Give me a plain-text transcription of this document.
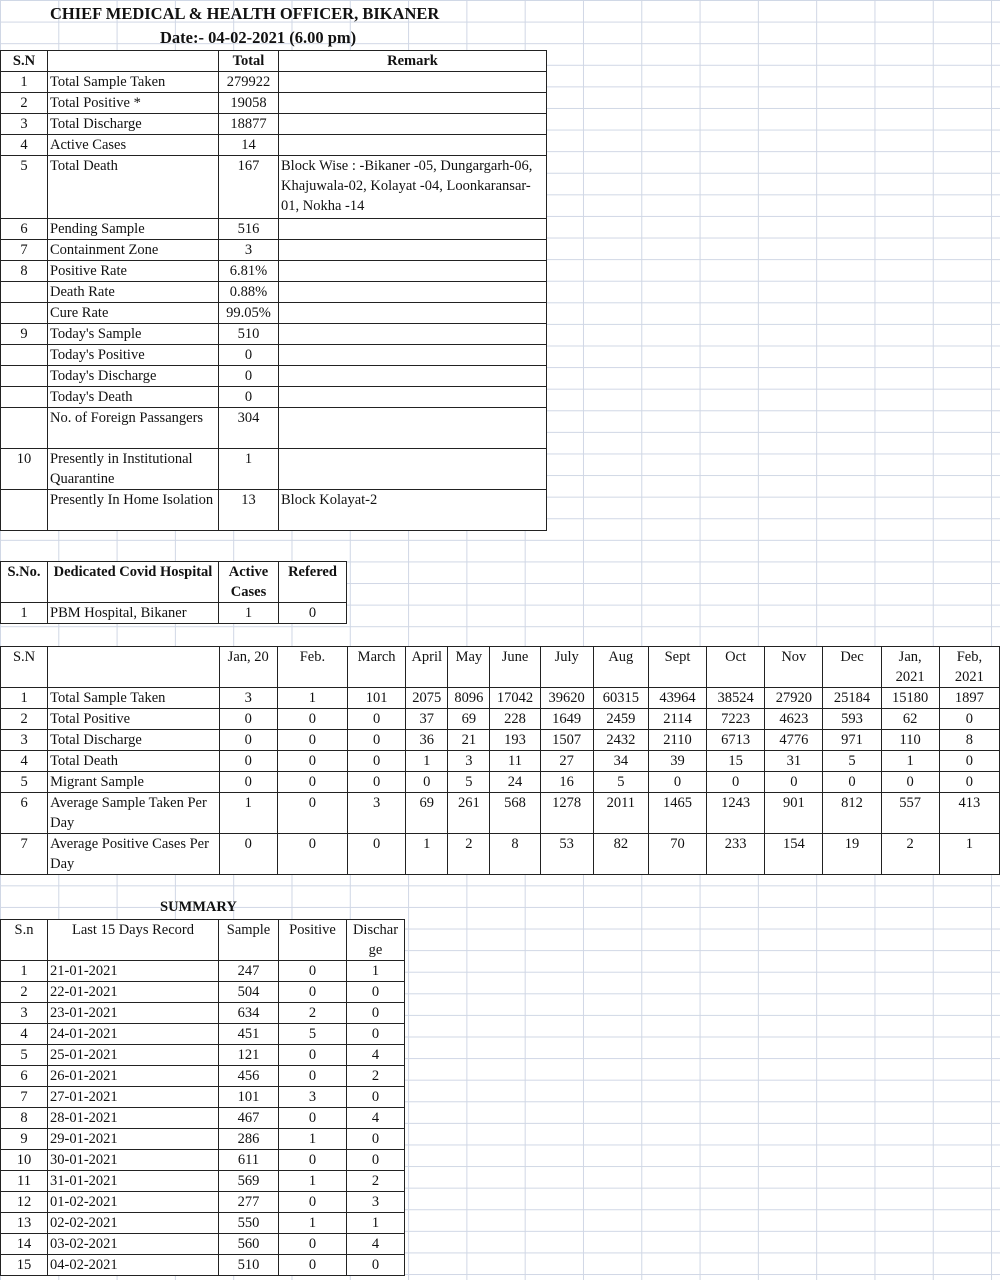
CHIEF MEDICAL & HEALTH OFFICER, BIKANER
Date:- 04-02-2021 (6.00 pm)
S.N		Total	Remark
1	Total Sample Taken	279922	
2	Total Positive *	19058	
3	Total Discharge	18877	
4	Active Cases	14	
5	Total Death	167	Block Wise : -Bikaner -05, Dungargarh-06, Khajuwala-02, Kolayat -04, Loonkaransar-01, Nokha -14
6	Pending Sample	516	
7	Containment Zone	3	
8	Positive Rate	6.81%	
	Death Rate	0.88%	
	Cure Rate	99.05%	
9	Today's Sample	510	
	Today's Positive	0	
	Today's Discharge	0	
	Today's Death	0	
	No. of Foreign Passangers	304	
10	Presently in Institutional Quarantine	1	
	Presently In Home Isolation	13	Block Kolayat-2
S.No.	Dedicated Covid Hospital	Active Cases	Refered
1	PBM Hospital, Bikaner	1	0
S.N		Jan, 20	Feb.	March	April	May	June	July	Aug	Sept	Oct	Nov	Dec	Jan, 2021	Feb, 2021
1	Total Sample Taken	3	1	101	2075	8096	17042	39620	60315	43964	38524	27920	25184	15180	1897
2	Total Positive	0	0	0	37	69	228	1649	2459	2114	7223	4623	593	62	0
3	Total Discharge	0	0	0	36	21	193	1507	2432	2110	6713	4776	971	110	8
4	Total Death	0	0	0	1	3	11	27	34	39	15	31	5	1	0
5	Migrant Sample	0	0	0	0	5	24	16	5	0	0	0	0	0	0
6	Average Sample Taken Per Day	1	0	3	69	261	568	1278	2011	1465	1243	901	812	557	413
7	Average Positive Cases Per Day	0	0	0	1	2	8	53	82	70	233	154	19	2	1
SUMMARY
S.n	Last 15 Days Record	Sample	Positive	Dischar ge
1	21-01-2021	247	0	1
2	22-01-2021	504	0	0
3	23-01-2021	634	2	0
4	24-01-2021	451	5	0
5	25-01-2021	121	0	4
6	26-01-2021	456	0	2
7	27-01-2021	101	3	0
8	28-01-2021	467	0	4
9	29-01-2021	286	1	0
10	30-01-2021	611	0	0
11	31-01-2021	569	1	2
12	01-02-2021	277	0	3
13	02-02-2021	550	1	1
14	03-02-2021	560	0	4
15	04-02-2021	510	0	0
